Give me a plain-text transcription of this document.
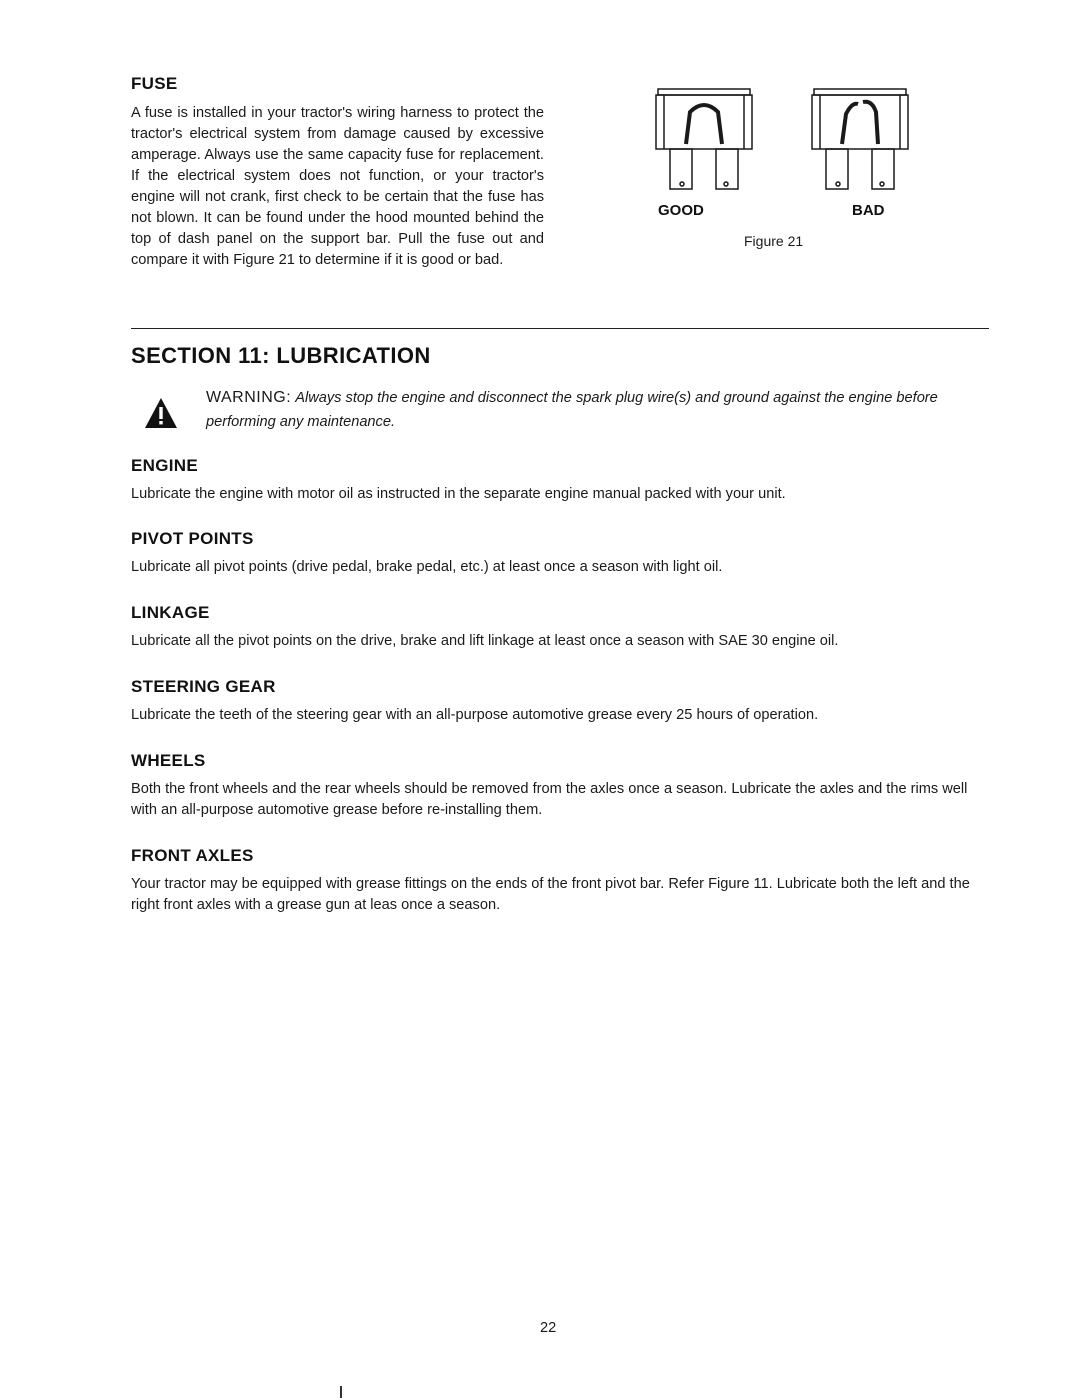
FUSE

A fuse is installed in your tractor's wiring harness to protect the tractor's electrical system from damage caused by excessive amperage. Always use the same capacity fuse for replacement. If the electrical system does not function, or your tractor's engine will not crank, first check to be certain that the fuse has not blown. It can be found under the hood mounted behind the top of dash panel on the support bar. Pull the fuse out and compare it with Figure 21 to determine if it is good or bad.

GOOD	BAD
Figure 21
SECTION 11: LUBRICATION
WARNING: Always stop the engine and disconnect the spark plug wire(s) and ground against the engine before performing any maintenance.
ENGINE

Lubricate the engine with motor oil as instructed in the separate engine manual packed with your unit.

PIVOT POINTS

Lubricate all pivot points (drive pedal, brake pedal, etc.) at least once a season with light oil.

LINKAGE

Lubricate all the pivot points on the drive, brake and lift linkage at least once a season with SAE 30 engine oil.

STEERING GEAR

Lubricate the teeth of the steering gear with an all-purpose automotive grease every 25 hours of operation.

WHEELS

Both the front wheels and the rear wheels should be removed from the axles once a season. Lubricate the axles and the rims well with an all-purpose automotive grease before re-installing them.

FRONT AXLES

Your tractor may be equipped with grease fittings on the ends of the front pivot bar. Refer Figure 11. Lubricate both the left and the right front axles with a grease gun at leas once a season.

22
